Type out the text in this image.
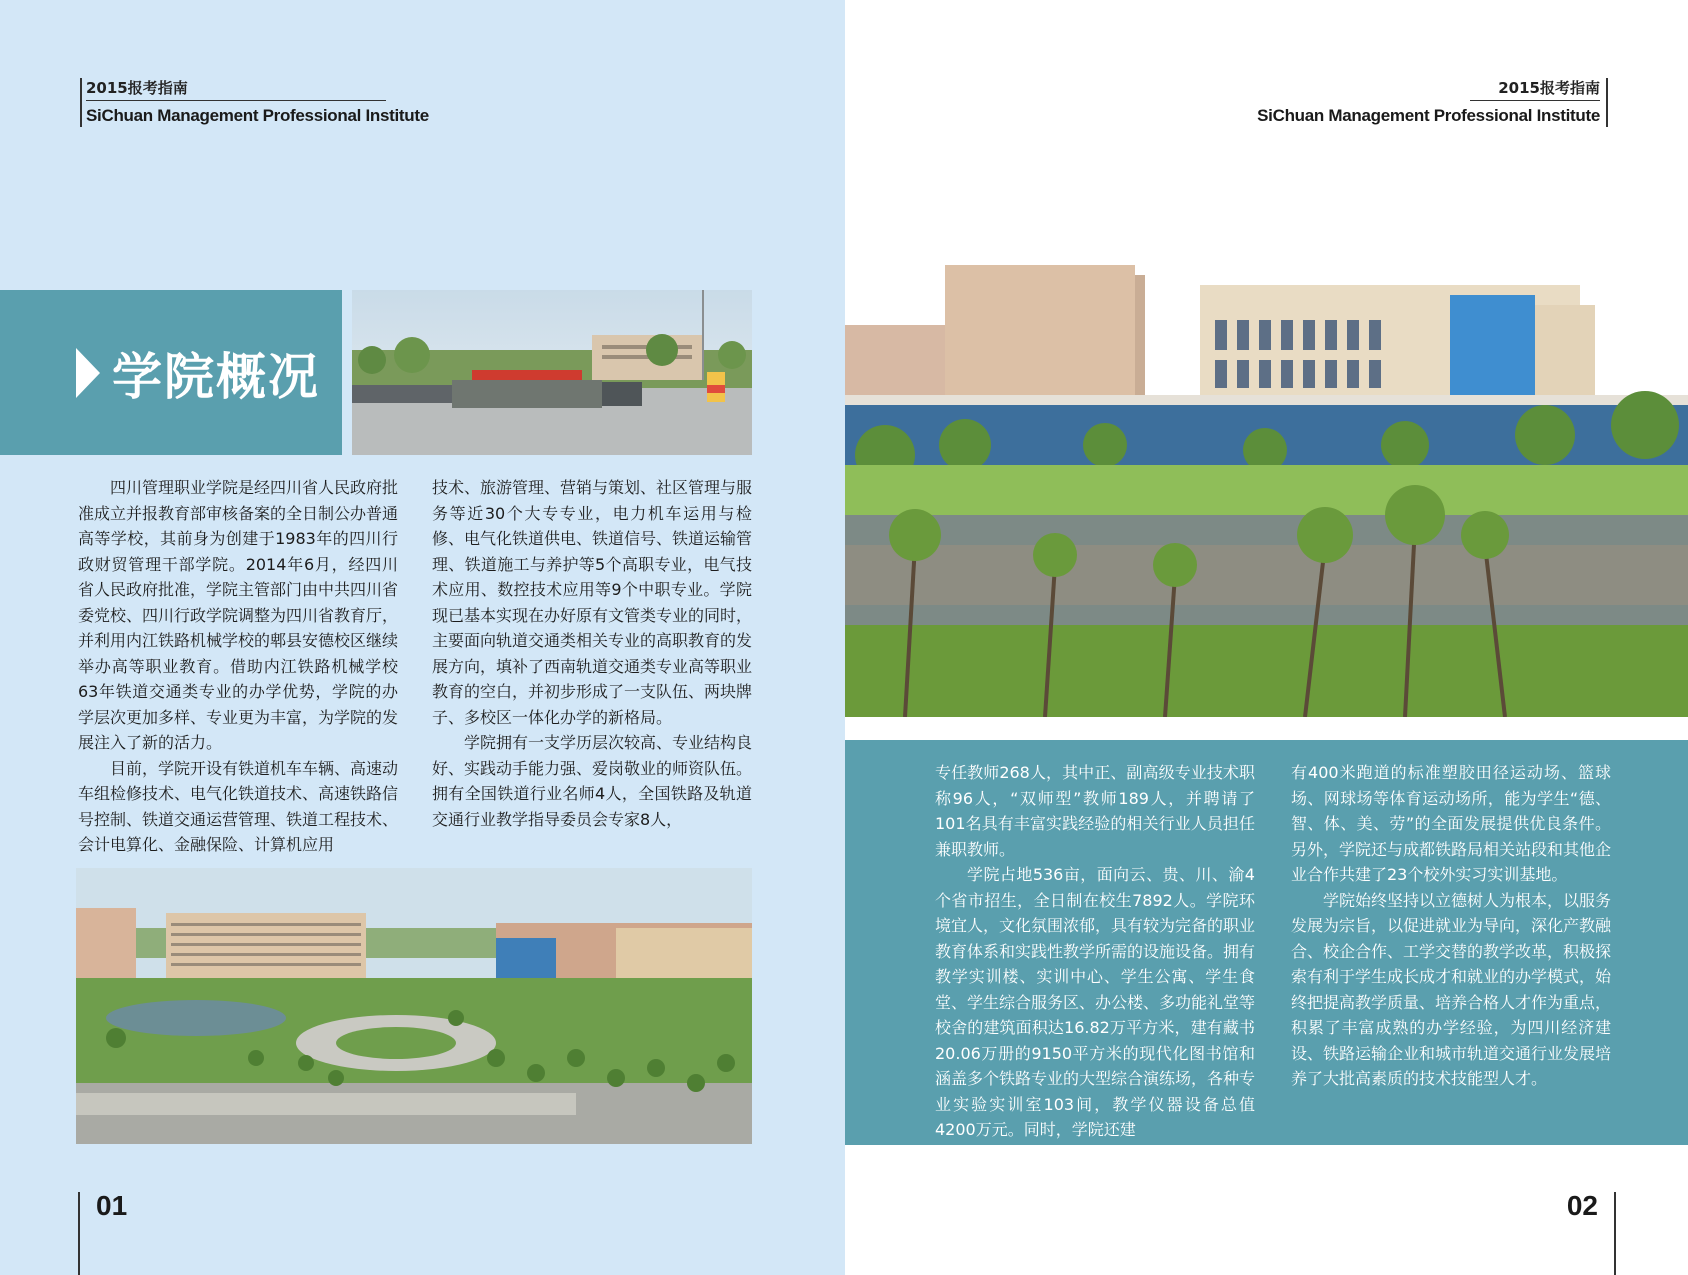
2015报考指南
SiChuan Management Professional Institute
学院概况

四川管理职业学院是经四川省人民政府批准成立并报教育部审核备案的全日制公办普通高等学校，其前身为创建于1983年的四川行政财贸管理干部学院。2014年6月，经四川省人民政府批准，学院主管部门由中共四川省委党校、四川行政学院调整为四川省教育厅，并利用内江铁路机械学校的郫县安德校区继续举办高等职业教育。借助内江铁路机械学校63年铁道交通类专业的办学优势，学院的办学层次更加多样、专业更为丰富，为学院的发展注入了新的活力。

目前，学院开设有铁道机车车辆、高速动车组检修技术、电气化铁道技术、高速铁路信号控制、铁道交通运营管理、铁道工程技术、会计电算化、金融保险、计算机应用

技术、旅游管理、营销与策划、社区管理与服务等近30个大专专业，电力机车运用与检修、电气化铁道供电、铁道信号、铁道运输管理、铁道施工与养护等5个高职专业，电气技术应用、数控技术应用等9个中职专业。学院现已基本实现在办好原有文管类专业的同时，主要面向轨道交通类相关专业的高职教育的发展方向，填补了西南轨道交通类专业高等职业教育的空白，并初步形成了一支队伍、两块牌子、多校区一体化办学的新格局。

学院拥有一支学历层次较高、专业结构良好、实践动手能力强、爱岗敬业的师资队伍。拥有全国铁道行业名师4人，全国铁路及轨道交通行业教学指导委员会专家8人，

01
2015报考指南
SiChuan Management Professional Institute

专任教师268人，其中正、副高级专业技术职称96人，“双师型”教师189人，并聘请了101名具有丰富实践经验的相关行业人员担任兼职教师。

学院占地536亩，面向云、贵、川、渝4个省市招生，全日制在校生7892人。学院环境宜人，文化氛围浓郁，具有较为完备的职业教育体系和实践性教学所需的设施设备。拥有教学实训楼、实训中心、学生公寓、学生食堂、学生综合服务区、办公楼、多功能礼堂等校舍的建筑面积达16.82万平方米，建有藏书20.06万册的9150平方米的现代化图书馆和涵盖多个铁路专业的大型综合演练场，各种专业实验实训室103间，教学仪器设备总值4200万元。同时，学院还建

有400米跑道的标准塑胶田径运动场、篮球场、网球场等体育运动场所，能为学生“德、智、体、美、劳”的全面发展提供优良条件。另外，学院还与成都铁路局相关站段和其他企业合作共建了23个校外实习实训基地。

学院始终坚持以立德树人为根本，以服务发展为宗旨，以促进就业为导向，深化产教融合、校企合作、工学交替的教学改革，积极探索有利于学生成长成才和就业的办学模式，始终把提高教学质量、培养合格人才作为重点，积累了丰富成熟的办学经验，为四川经济建设、铁路运输企业和城市轨道交通行业发展培养了大批高素质的技术技能型人才。

02
